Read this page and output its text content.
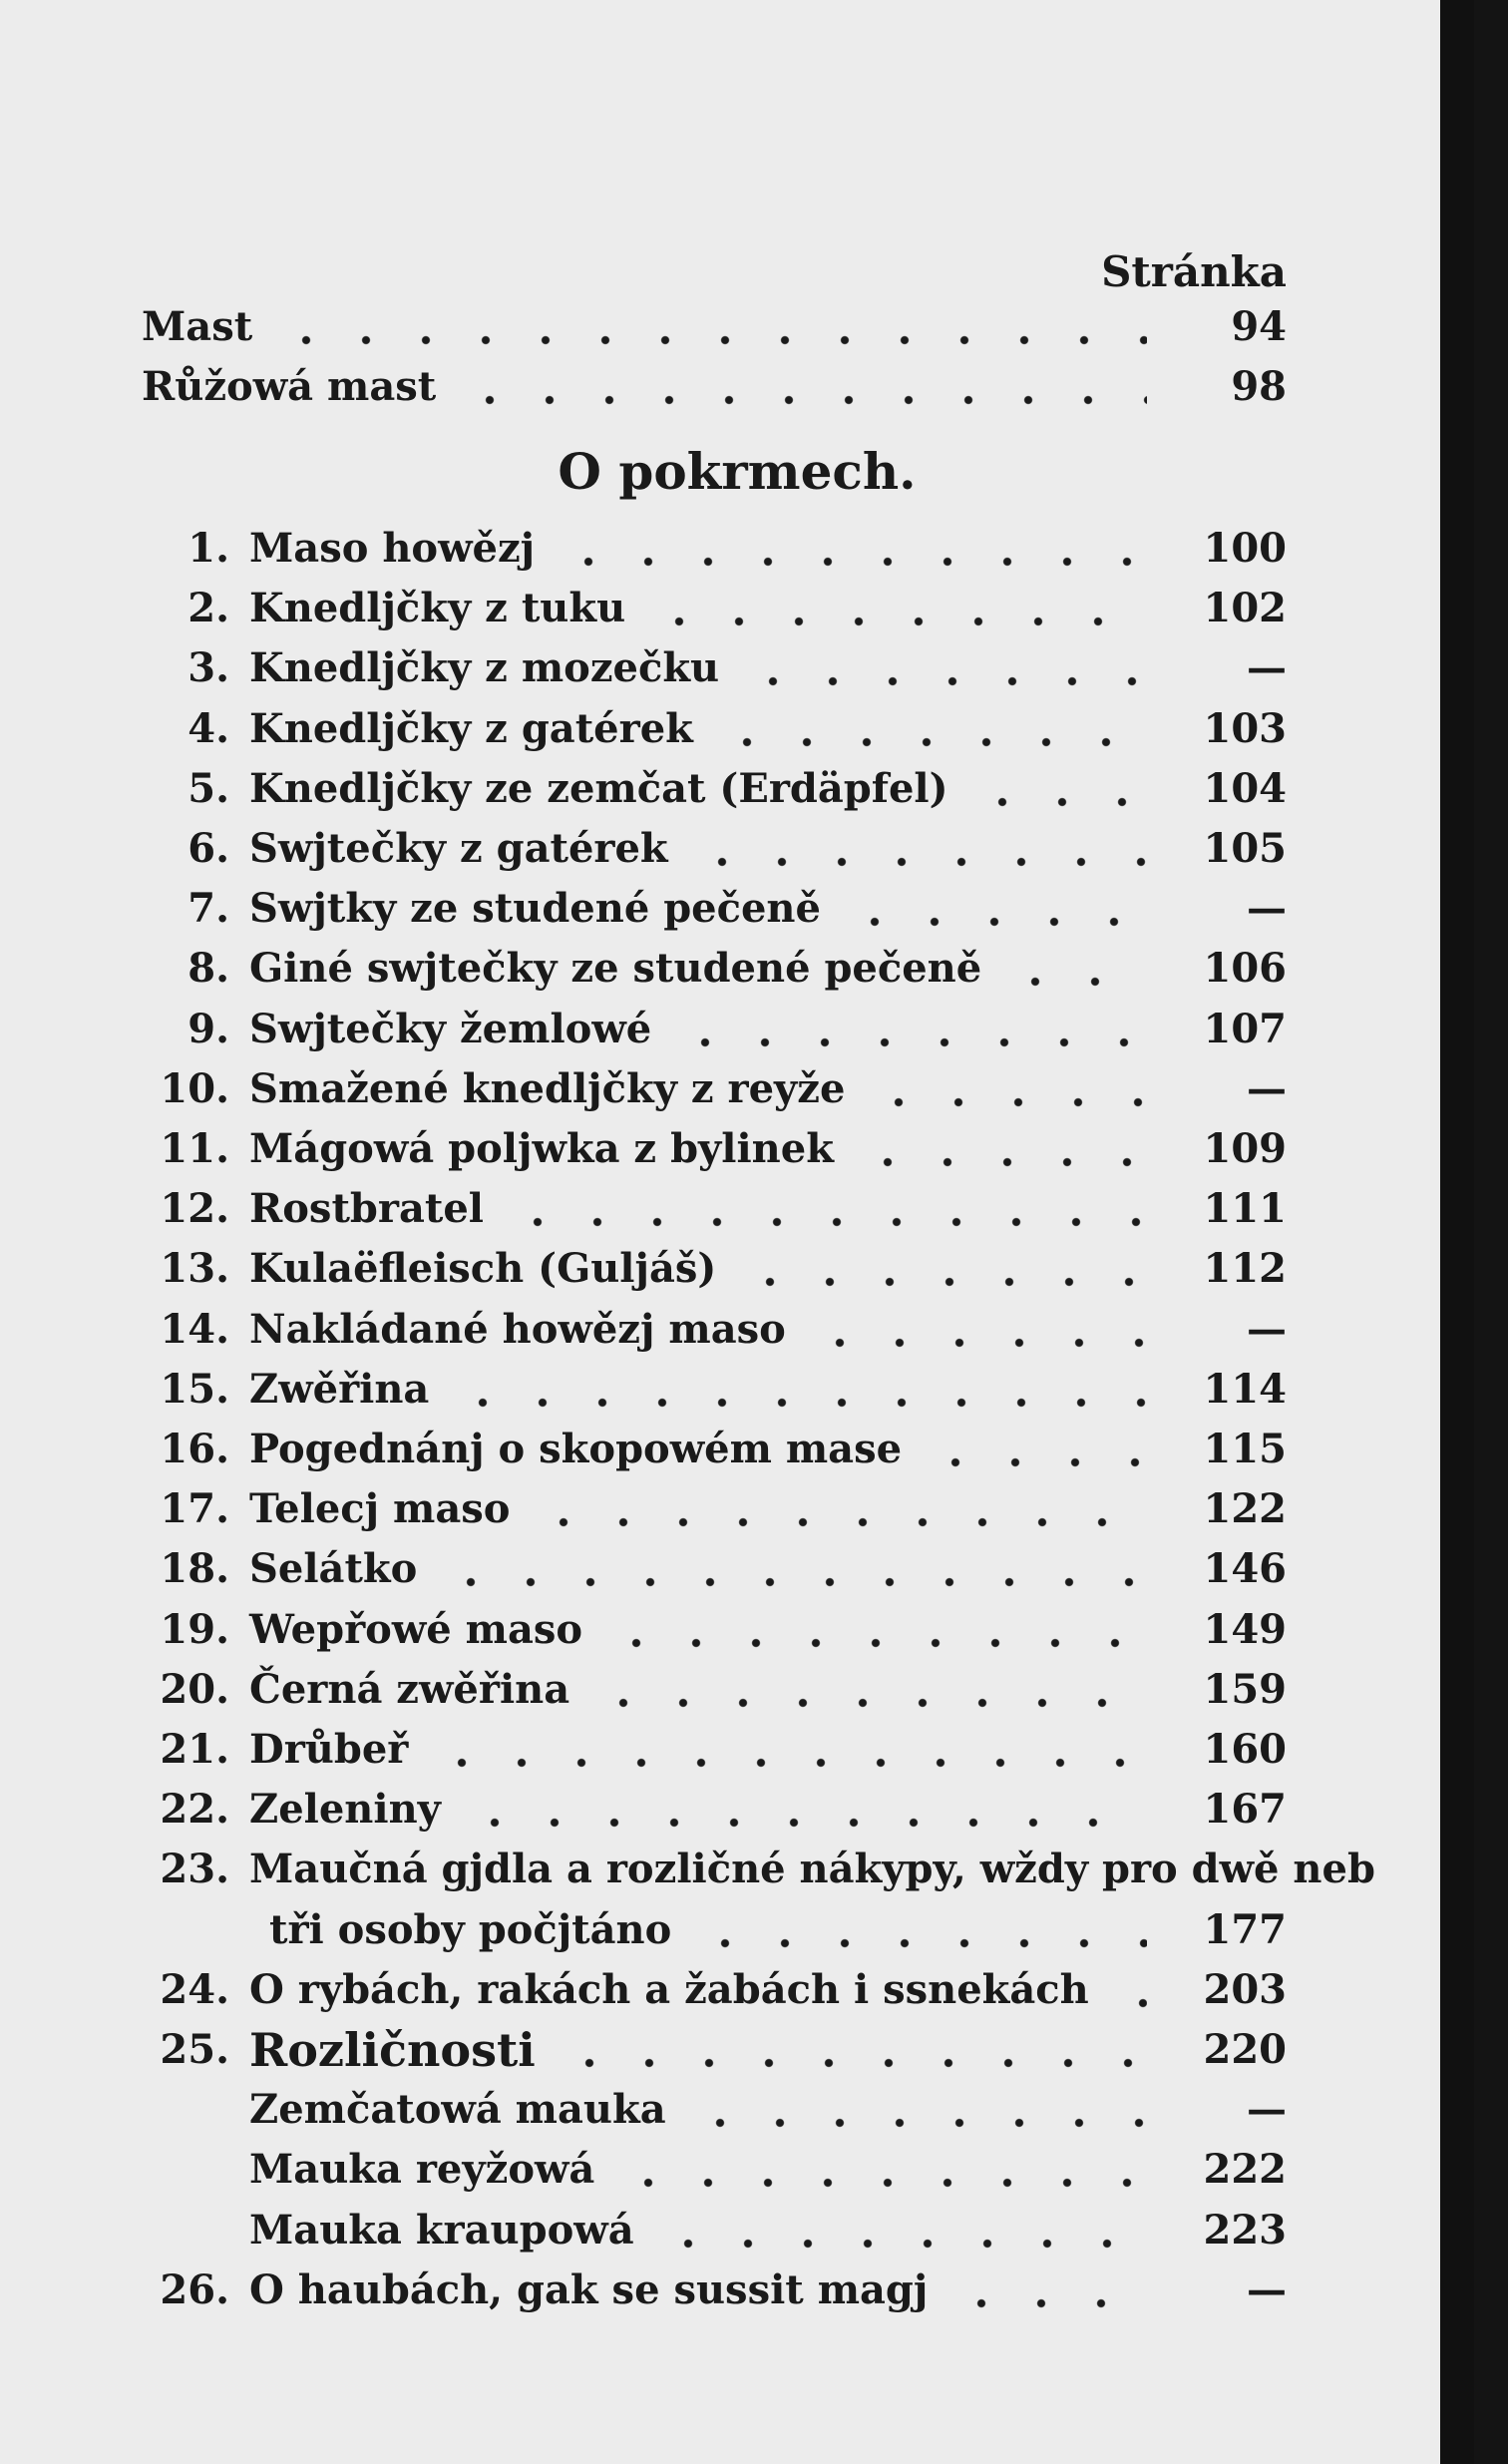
Stránka
Mast	94
Růžowá mast	98
O pokrmech.
1. Maso howězj	100
2. Knedljčky z tuku	102
3. Knedljčky z mozečku	—
4. Knedljčky z gatérek	103
5. Knedljčky ze zemčat (Erdäpfel)	104
6. Swjtečky z gatérek	105
7. Swjtky ze studené pečeně	—
8. Giné swjtečky ze studené pečeně	106
9. Swjtečky žemlowé	107
10. Smažené knedljčky z reyže	—
11. Mágowá poljwka z bylinek	109
12. Rostbratel	111
13. Kulaëfleisch (Guljáš)	112
14. Nakládané howězj maso	—
15. Zwěřina	114
16. Pogednánj o skopowém mase	115
17. Telecj maso	122
18. Selátko	146
19. Wepřowé maso	149
20. Černá zwěřina	159
21. Drůbeř	160
22. Zeleniny	167
23. Maučná gjdla a rozličné nákypy, wždy pro dwě neb
tři osoby počjtáno	177
24. O rybách, rakách a žabách i ssnekách	203
25. Rozličnosti	220
Zemčatowá mauka	—
Mauka reyžowá	222
Mauka kraupowá	223
26. O haubách, gak se sussit magj	—
